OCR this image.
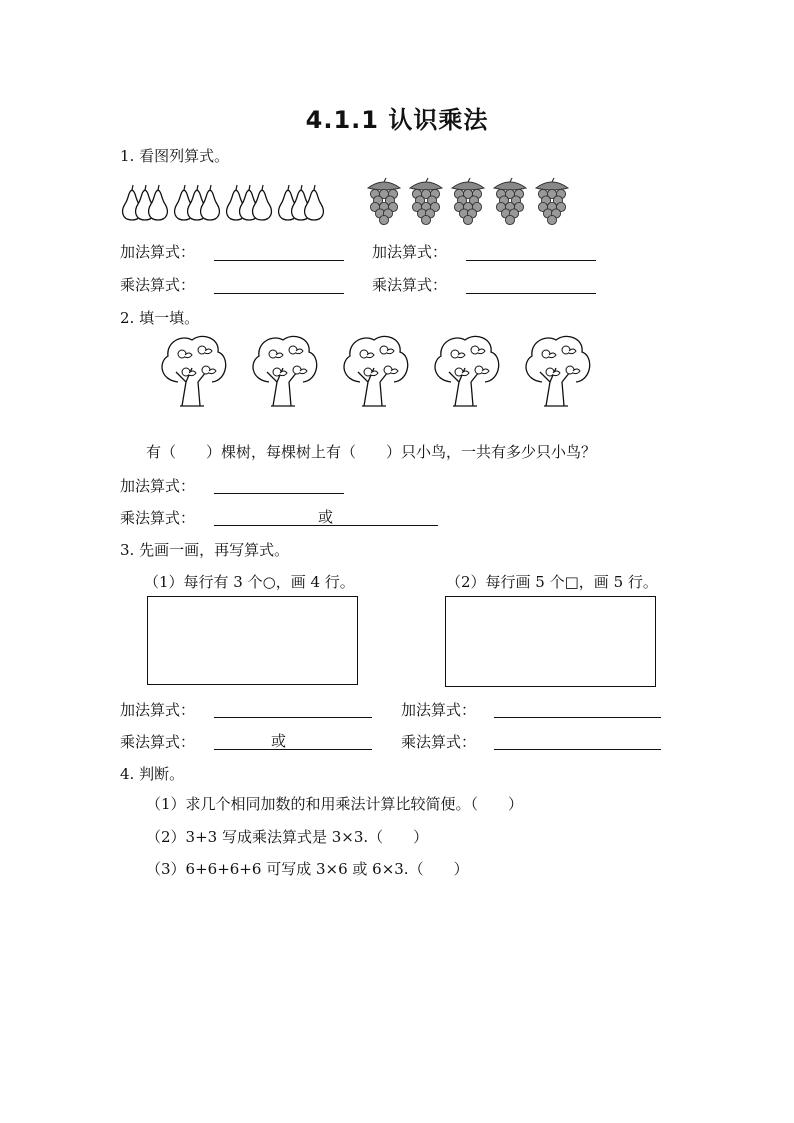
4.1.1 认识乘法
1. 看图列算式。
加法算式：	加法算式：
乘法算式：	乘法算式：
2. 填一填。
有（　　）棵树，每棵树上有（　　）只小鸟，一共有多少只小鸟？
加法算式：
乘法算式：	或
3. 先画一画，再写算式。
（1）每行有 3 个○，画 4 行。	（2）每行画 5 个□，画 5 行。
加法算式：	加法算式：
乘法算式：	或	乘法算式：
4. 判断。
（1）求几个相同加数的和用乘法计算比较简便。（　　）
（2）3+3 写成乘法算式是 3×3.（　　）
（3）6+6+6+6 可写成 3×6 或 6×3.（　　）
